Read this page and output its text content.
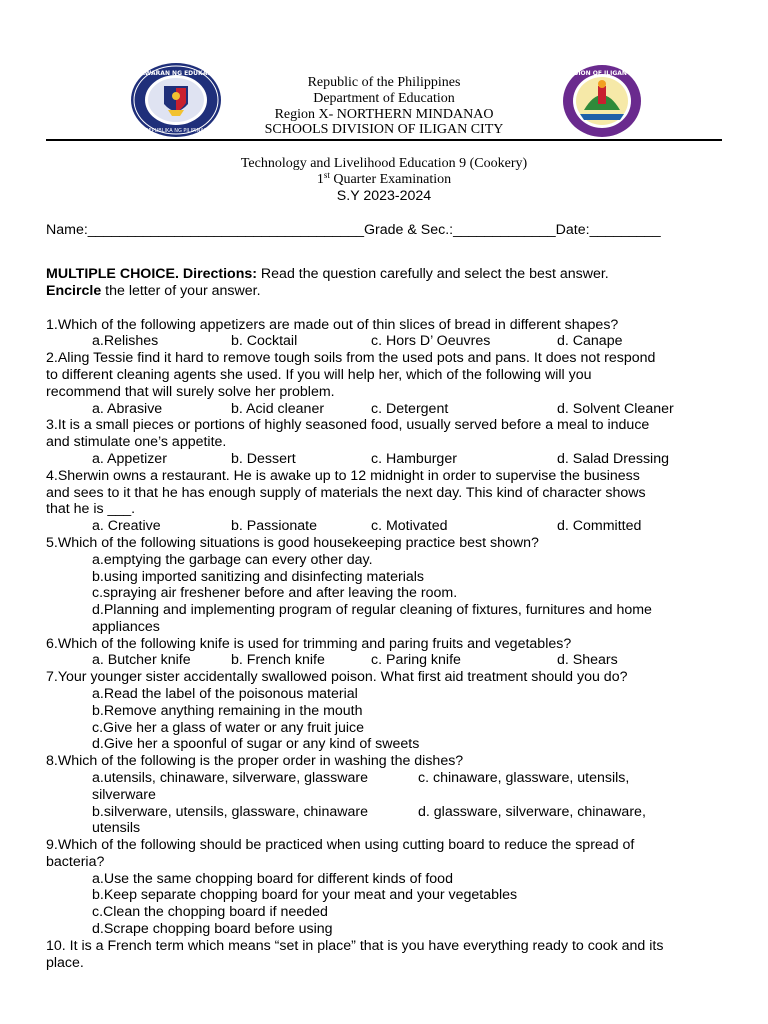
KAGAWARAN NG EDUKASYON
REPUBLIKA NG PILIPINAS
DIVISION OF ILIGAN CITY
Republic of the Philippines
Department of Education
Region X- NORTHERN MINDANAO
SCHOOLS DIVISION OF ILIGAN CITY
Technology and Livelihood Education 9 (Cookery)
1st Quarter Examination
S.Y 2023-2024
Name:___________________________________Grade & Sec.:_____________Date:_________
MULTIPLE CHOICE. Directions: Read the question carefully and select the best answer.
Encircle the letter of your answer.
1.Which of the following appetizers are made out of thin slices of bread in different shapes?
a.Relishes	b. Cocktail	c. Hors D’ Oeuvres	d. Canape
2.Aling Tessie find it hard to remove tough soils from the used pots and pans. It does not respond
to different cleaning agents she used. If you will help her, which of the following will you
recommend that will surely solve her problem.
a. Abrasive	b. Acid cleaner	c. Detergent	d. Solvent Cleaner
3.It is a small pieces or portions of highly seasoned food, usually served before a meal to induce
and stimulate one’s appetite.
a. Appetizer	b. Dessert	c. Hamburger	d. Salad Dressing
4.Sherwin owns a restaurant. He is awake up to 12 midnight in order to supervise the business
and sees to it that he has enough supply of materials the next day. This kind of character shows
that he is ___.
a. Creative	b. Passionate	c. Motivated	d. Committed
5.Which of the following situations is good housekeeping practice best shown?
a.emptying the garbage can every other day.
b.using imported sanitizing and disinfecting materials
c.spraying air freshener before and after leaving the room.
d.Planning and implementing program of regular cleaning of fixtures, furnitures and home
appliances
6.Which of the following knife is used for trimming and paring fruits and vegetables?
a. Butcher knife	b. French knife	c. Paring knife	d. Shears
7.Your younger sister accidentally swallowed poison. What first aid treatment should you do?
a.Read the label of the poisonous material
b.Remove anything remaining in the mouth
c.Give her a glass of water or any fruit juice
d.Give her a spoonful of sugar or any kind of sweets
8.Which of the following is the proper order in washing the dishes?
a.utensils, chinaware, silverware, glassware	c. chinaware, glassware, utensils,
silverware
b.silverware, utensils, glassware, chinaware	d. glassware, silverware, chinaware,
utensils
9.Which of the following should be practiced when using cutting board to reduce the spread of
bacteria?
a.Use the same chopping board for different kinds of food
b.Keep separate chopping board for your meat and your vegetables
c.Clean the chopping board if needed
d.Scrape chopping board before using
10. It is a French term which means “set in place” that is you have everything ready to cook and its
place.
